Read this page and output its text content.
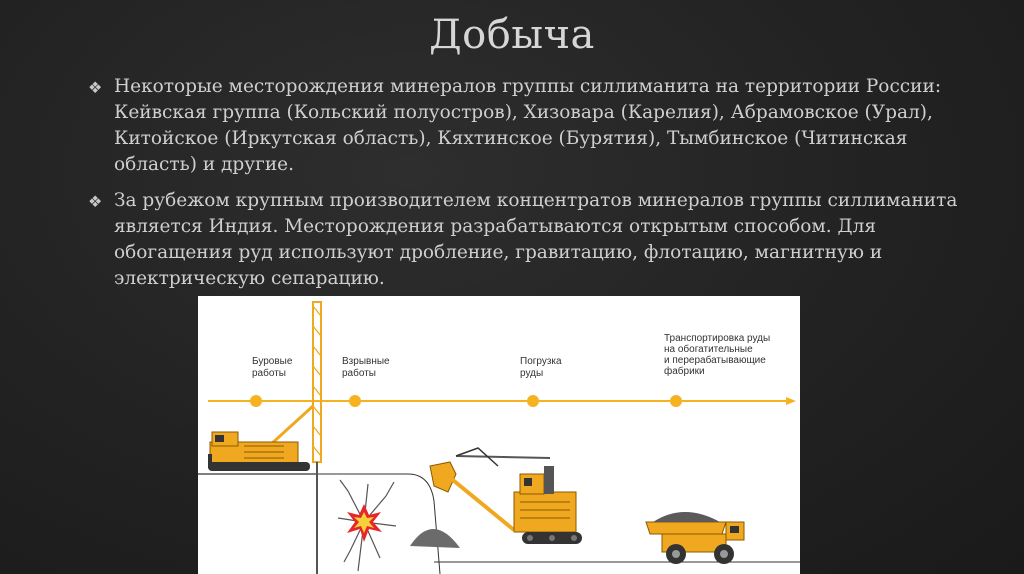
Добыча
❖ Некоторые месторождения минералов группы силлиманита на территории России: Кейвская группа (Кольский полуостров), Хизовара (Карелия), Абрамовское (Урал), Китойское (Иркутская область), Кяхтинское (Бурятия), Тымбинское (Читинская область) и другие.
❖ За рубежом крупным производителем концентратов минералов группы силлиманита является Индия. Месторождения разрабатываются открытым способом. Для обогащения руд используют дробление, гравитацию, флотацию, магнитную и электрическую сепарацию.
Буровые работы
Взрывные работы
Погрузка руды
Транспортировка руды на обогатительные и перерабатывающие фабрики
